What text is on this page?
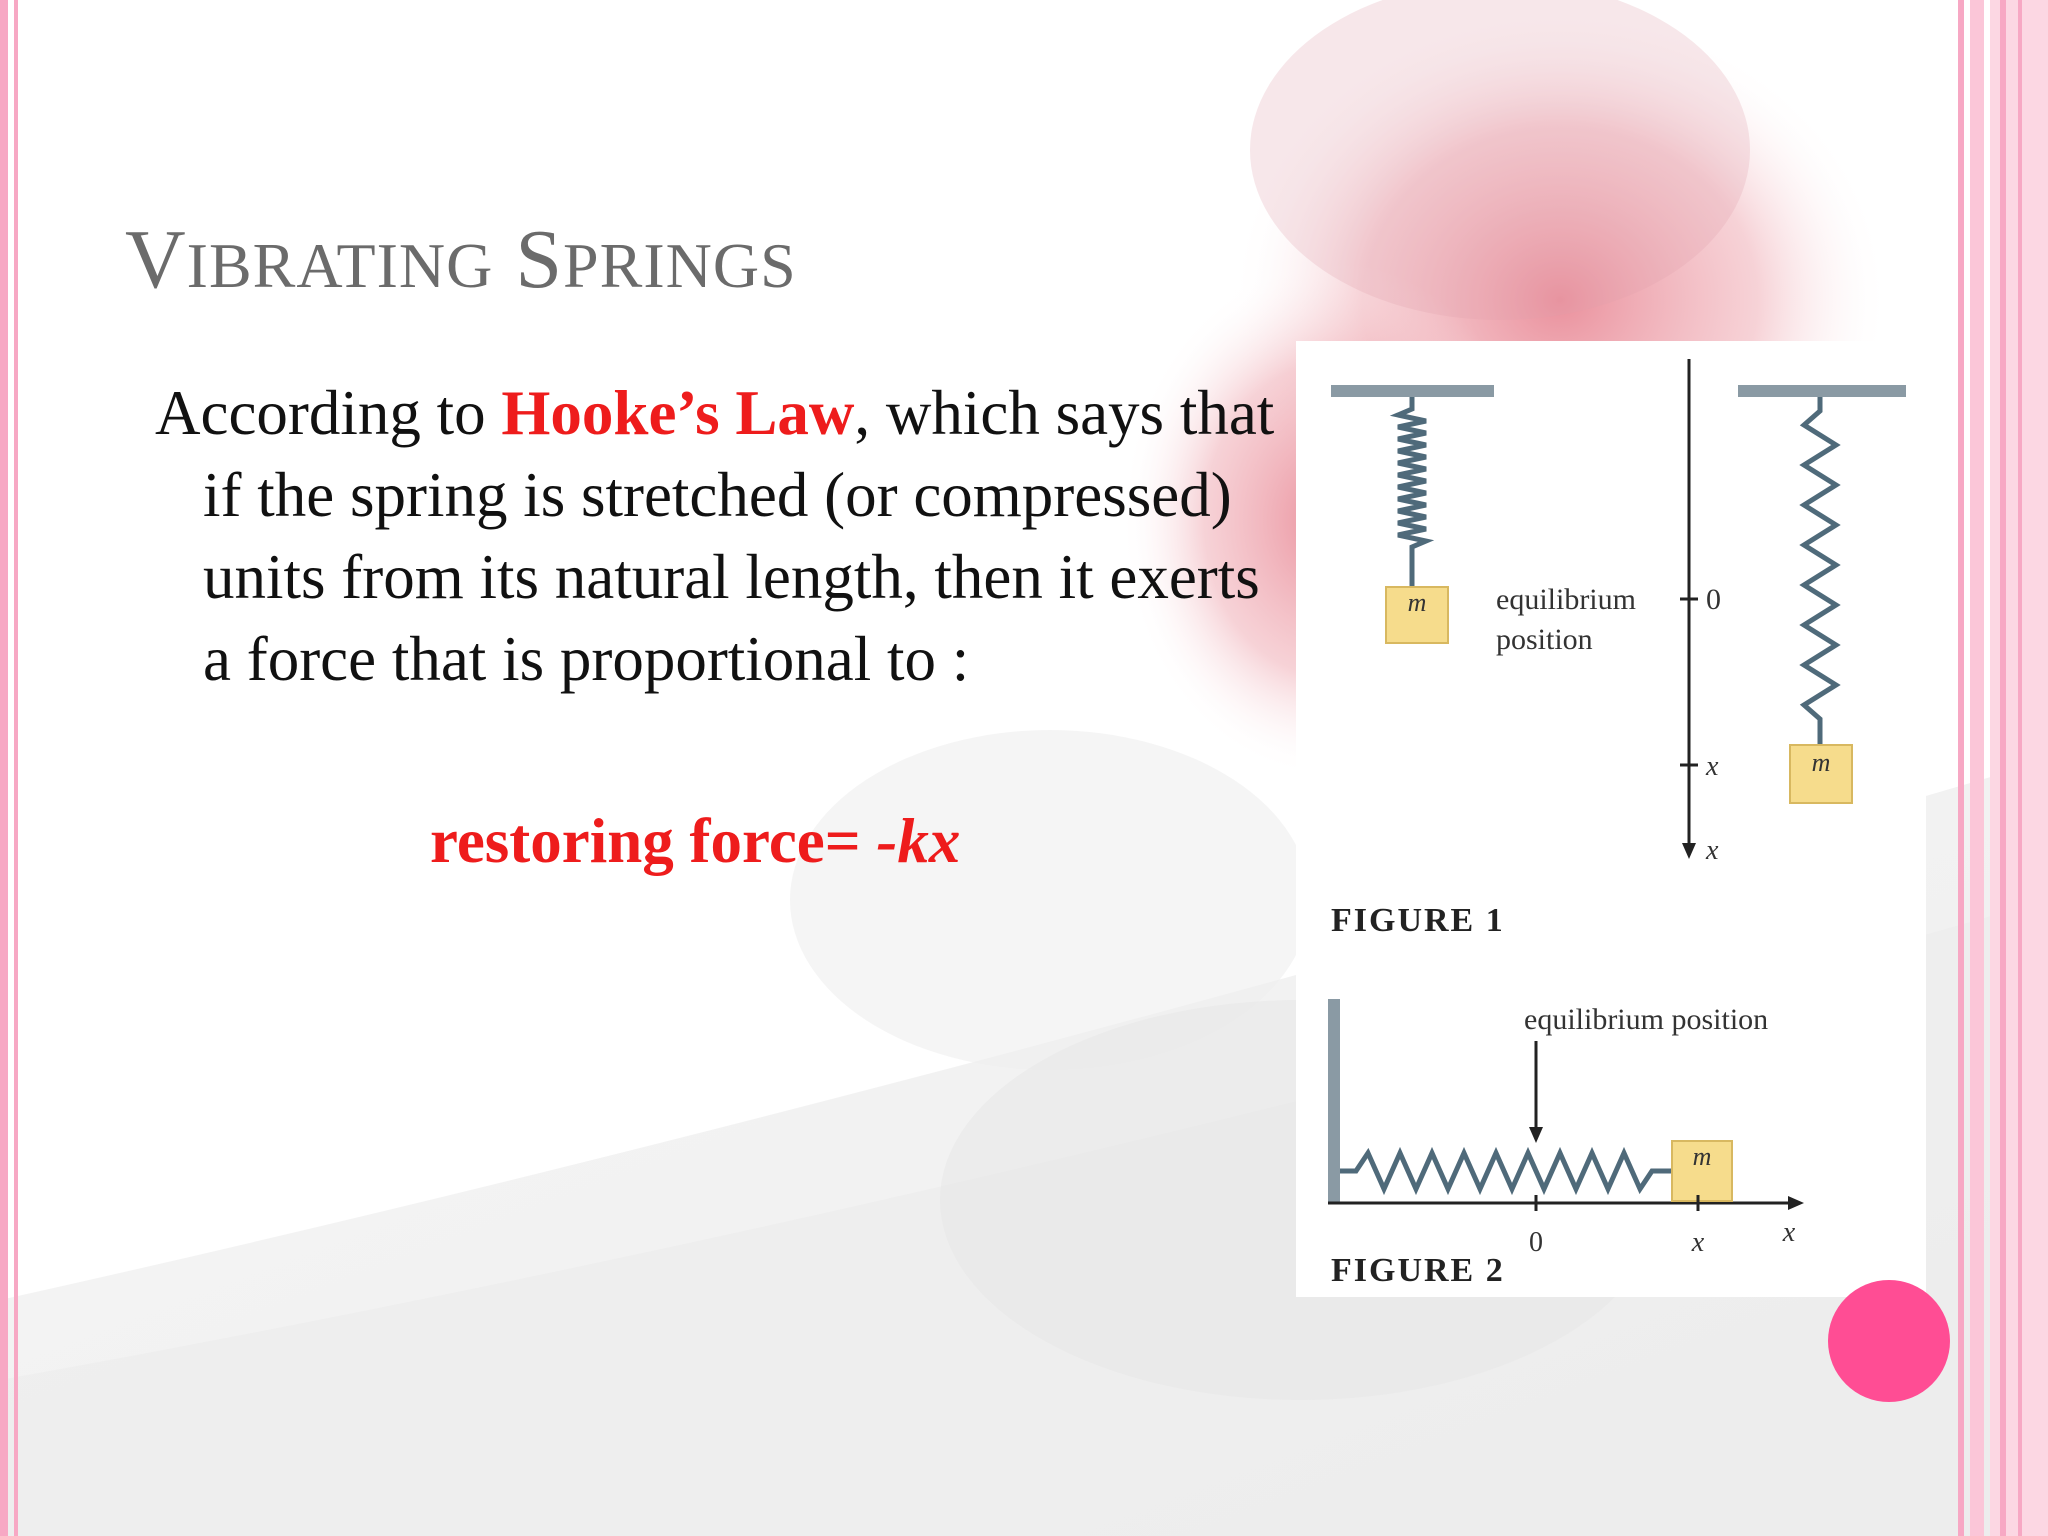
VIBRATING SPRINGS

According to Hooke’s Law, which says that if the spring is stretched (or compressed) units from its natural length, then it exerts a force that is proportional to :

restoring force= -kx
m equilibrium
position
0
x
x
m
FIGURE 1
equilibrium position
m
0	x	x
FIGURE 2
